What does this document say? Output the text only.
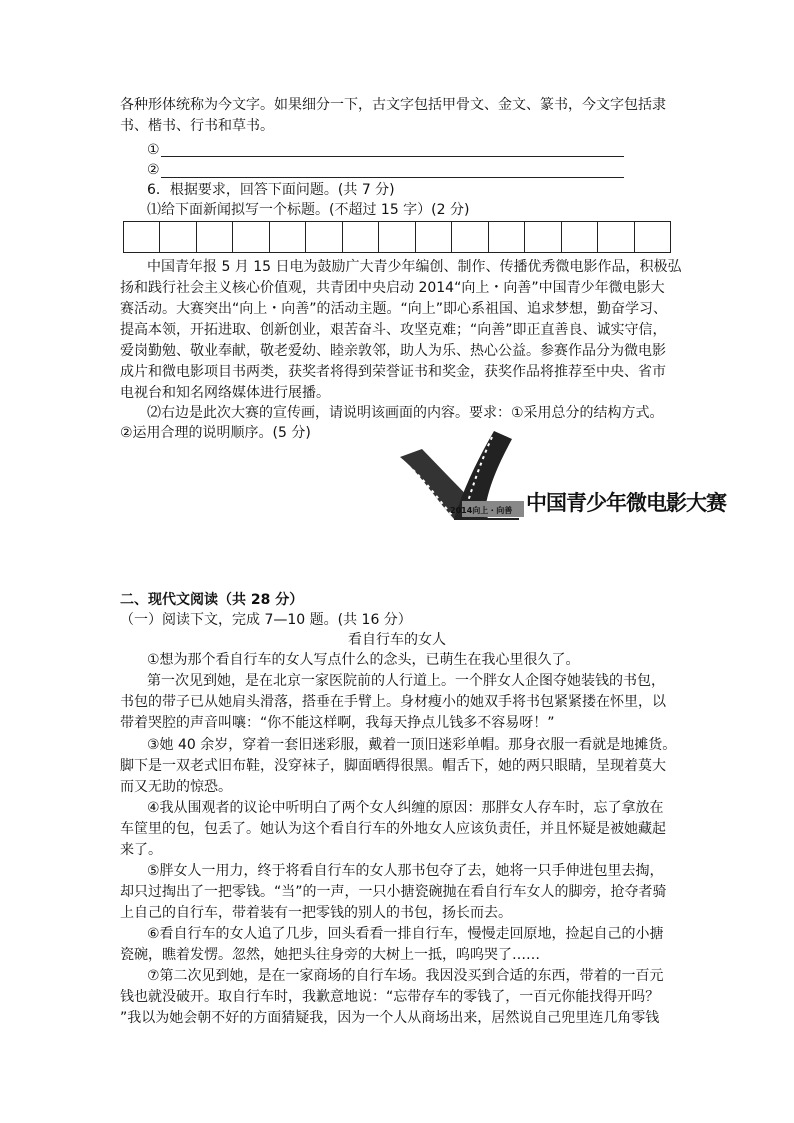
各种形体统称为今文字。如果细分一下，古文字包括甲骨文、金文、篆书，今文字包括隶
书、楷书、行书和草书。
①
②
6．根据要求，回答下面问题。(共 7 分)
⑴给下面新闻拟写一个标题。(不超过 15 字）(2 分)
中国青年报 5 月 15 日电为鼓励广大青少年编创、制作、传播优秀微电影作品，积极弘
扬和践行社会主义核心价值观，共青团中央启动 2014“向上・向善”中国青少年微电影大
赛活动。大赛突出“向上・向善”的活动主题。“向上”即心系祖国、追求梦想，勤奋学习、
提高本领，开拓进取、创新创业，艰苦奋斗、攻坚克难；“向善”即正直善良、诚实守信，
爱岗勤勉、敬业奉献，敬老爱幼、睦亲敦邻，助人为乐、热心公益。参赛作品分为微电影
成片和微电影项目书两类，获奖者将得到荣誉证书和奖金，获奖作品将推荐至中央、省市
电视台和知名网络媒体进行展播。
⑵右边是此次大赛的宣传画，请说明该画面的内容。要求：①采用总分的结构方式。
②运用合理的说明顺序。(5 分)
2014向上・向善 中国青少年微电影大赛
二、现代文阅读（共 28 分）
（一）阅读下文，完成 7—10 题。(共 16 分）
看自行车的女人
①想为那个看自行车的女人写点什么的念头，已萌生在我心里很久了。
第一次见到她，是在北京一家医院前的人行道上。一个胖女人企图夺她装钱的书包，
书包的带子已从她肩头滑落，搭垂在手臂上。身材瘦小的她双手将书包紧紧搂在怀里，以
带着哭腔的声音叫嚷：“你不能这样啊，我每天挣点儿钱多不容易呀！”
③她 40 余岁，穿着一套旧迷彩服，戴着一顶旧迷彩单帽。那身衣服一看就是地摊货。
脚下是一双老式旧布鞋，没穿袜子，脚面晒得很黑。帽舌下，她的两只眼睛，呈现着莫大
而又无助的惊恐。
④我从围观者的议论中听明白了两个女人纠缠的原因：那胖女人存车时，忘了拿放在
车筐里的包，包丢了。她认为这个看自行车的外地女人应该负责任，并且怀疑是被她藏起
来了。
⑤胖女人一用力，终于将看自行车的女人那书包夺了去，她将一只手伸进包里去掏，
却只过掏出了一把零钱。“当”的一声，一只小搪瓷碗抛在看自行车女人的脚旁，抢夺者骑
上自己的自行车，带着装有一把零钱的别人的书包，扬长而去。
⑥看自行车的女人追了几步，回头看看一排自行车，慢慢走回原地，捡起自己的小搪
瓷碗，瞧着发愣。忽然，她把头往身旁的大树上一抵，呜呜哭了……
⑦第二次见到她，是在一家商场的自行车场。我因没买到合适的东西，带着的一百元
钱也就没破开。取自行车时，我歉意地说：“忘带存车的零钱了，一百元你能找得开吗？
”我以为她会朝不好的方面猜疑我，因为一个人从商场出来，居然说自己兜里连几角零钱
